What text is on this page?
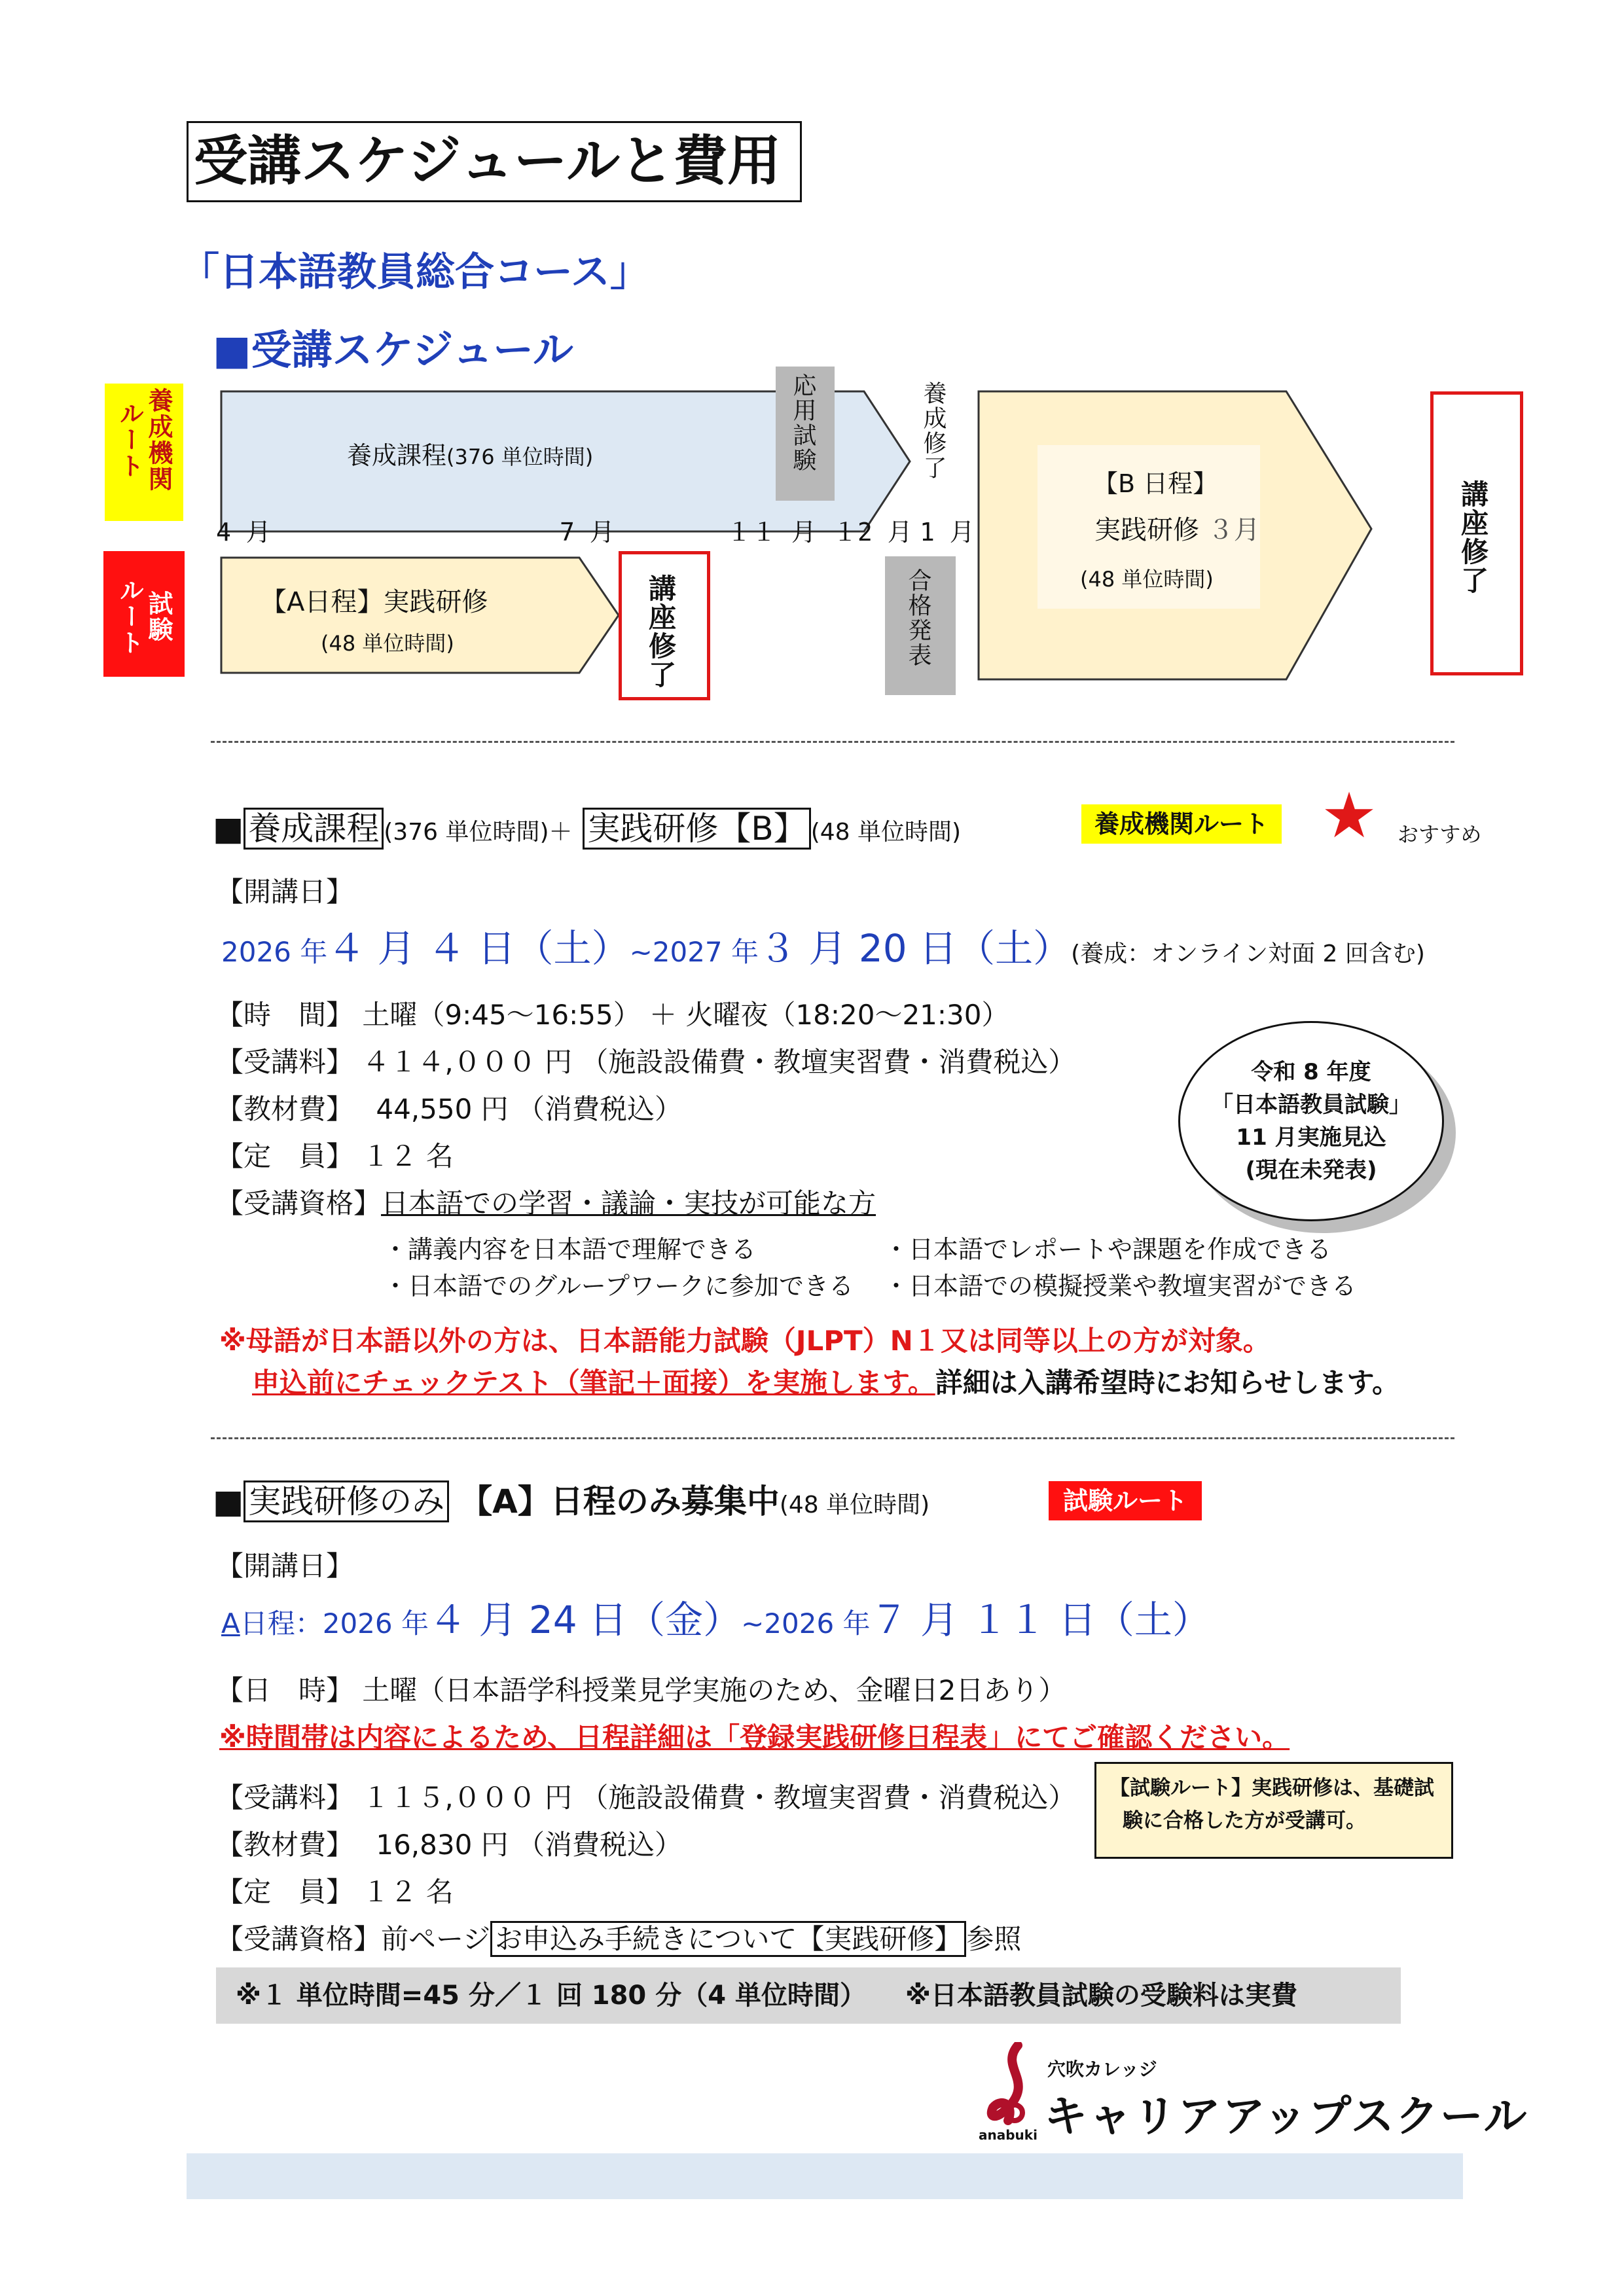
受講スケジュールと費用
「日本語教員総合コース」
■受講スケジュール
ルート 養成機関
ルート 試験
養成課程(376 単位時間)	応用試験	養成修了
4 月	7 月	１１ 月 １2 月 1 月
合格発表
【B 日程】
実践研修 ３月
(48 単位時間)
【A日程】実践研修
(48 単位時間)	講座修了
講座修了
■ 養成課程 (376 単位時間)＋ 実践研修【B】 (48 単位時間)	養成機関ルート ★ おすすめ
【開講日】
2026 年４ 月 ４ 日（土）~2027 年３ 月 20 日（土）(養成：オンライン対面 2 回含む)
【時　間】 土曜（9:45〜16:55） ＋ 火曜夜（18:20〜21:30）
【受講料】 ４１４,０００ 円 （施設設備費・教壇実習費・消費税込）
【教材費】　 44,550 円 （消費税込）
【定　員】 １２ 名
【受講資格】日本語での学習・議論・実技が可能な方
・講義内容を日本語で理解できる	・日本語でレポートや課題を作成できる
・日本語でのグループワークに参加できる ・日本語での模擬授業や教壇実習ができる
※母語が日本語以外の方は、日本語能力試験（JLPT）N１又は同等以上の方が対象。
申込前にチェックテスト（筆記＋面接）を実施します。詳細は入講希望時にお知らせします。
令和 8 年度
「日本語教員試験」
11 月実施見込
(現在未発表)
■ 実践研修のみ 【A】日程のみ募集中(48 単位時間)	試験ルート
【開講日】
A日程：2026 年４ 月 24 日（金）~2026 年７ 月 １１ 日（土）
【日　時】 土曜（日本語学科授業見学実施のため、金曜日2日あり）
※時間帯は内容によるため、日程詳細は「登録実践研修日程表」にてご確認ください。
【受講料】 １１５,０００ 円 （施設設備費・教壇実習費・消費税込）
【教材費】　 16,830 円 （消費税込）
【定　員】 １２ 名
【受講資格】前ページ お申込み手続きについて【実践研修】 参照
【試験ルート】実践研修は、基礎試
験に合格した方が受講可。
※１ 単位時間=45 分／１ 回 180 分（4 単位時間）　　※日本語教員試験の受験料は実費
anabuki
穴吹カレッジ
キャリアアップスクール
